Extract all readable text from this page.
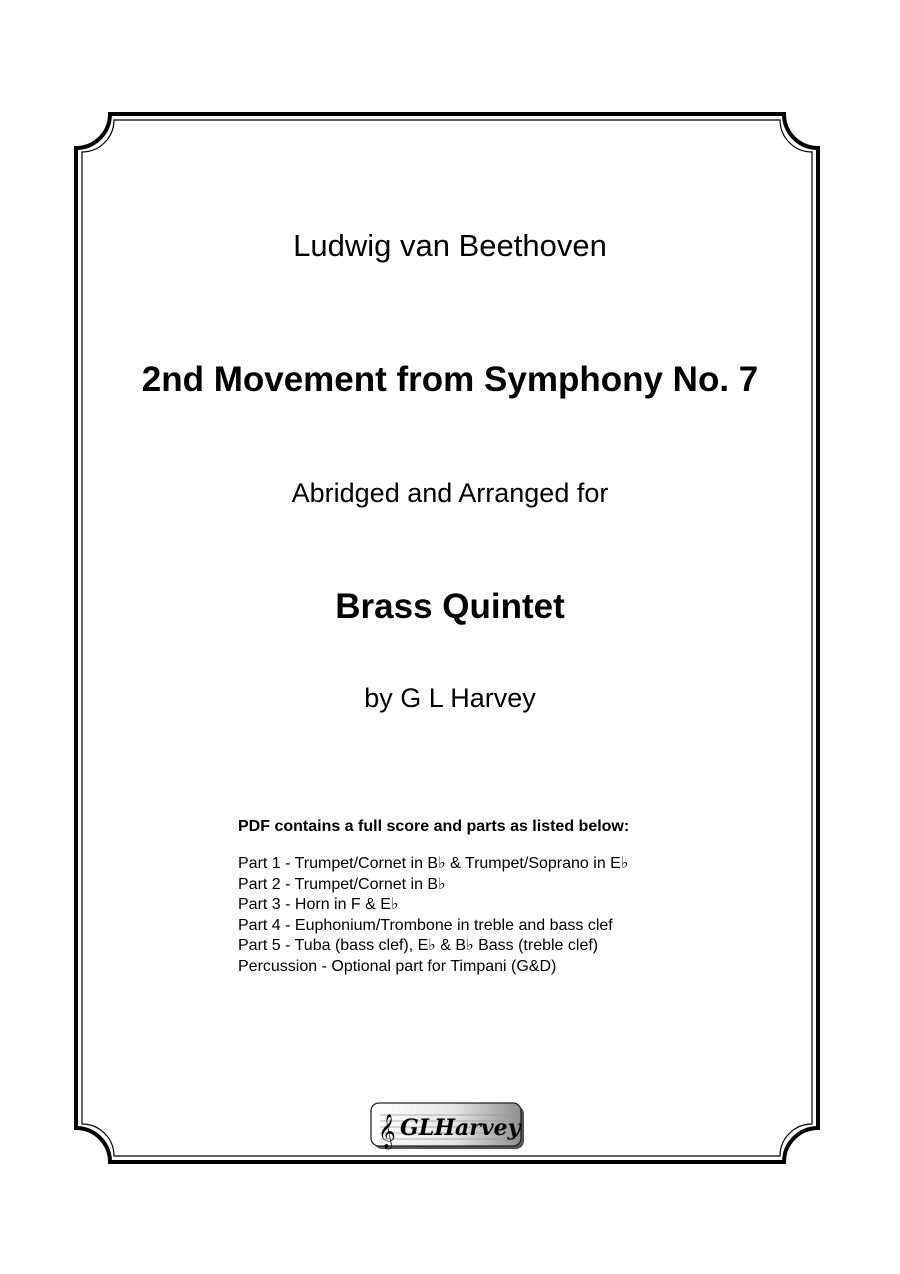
Ludwig van Beethoven
2nd Movement from Symphony No. 7
Abridged and Arranged for
Brass Quintet
by G L Harvey
PDF contains a full score and parts as listed below:
Part 1 - Trumpet/Cornet in B♭ & Trumpet/Soprano in E♭
Part 2 - Trumpet/Cornet in B♭
Part 3 - Horn in F & E♭
Part 4 - Euphonium/Trombone in treble and bass clef
Part 5 - Tuba (bass clef), E♭ & B♭ Bass (treble clef)
Percussion - Optional part for Timpani (G&D)
𝄞 GLHarvey
